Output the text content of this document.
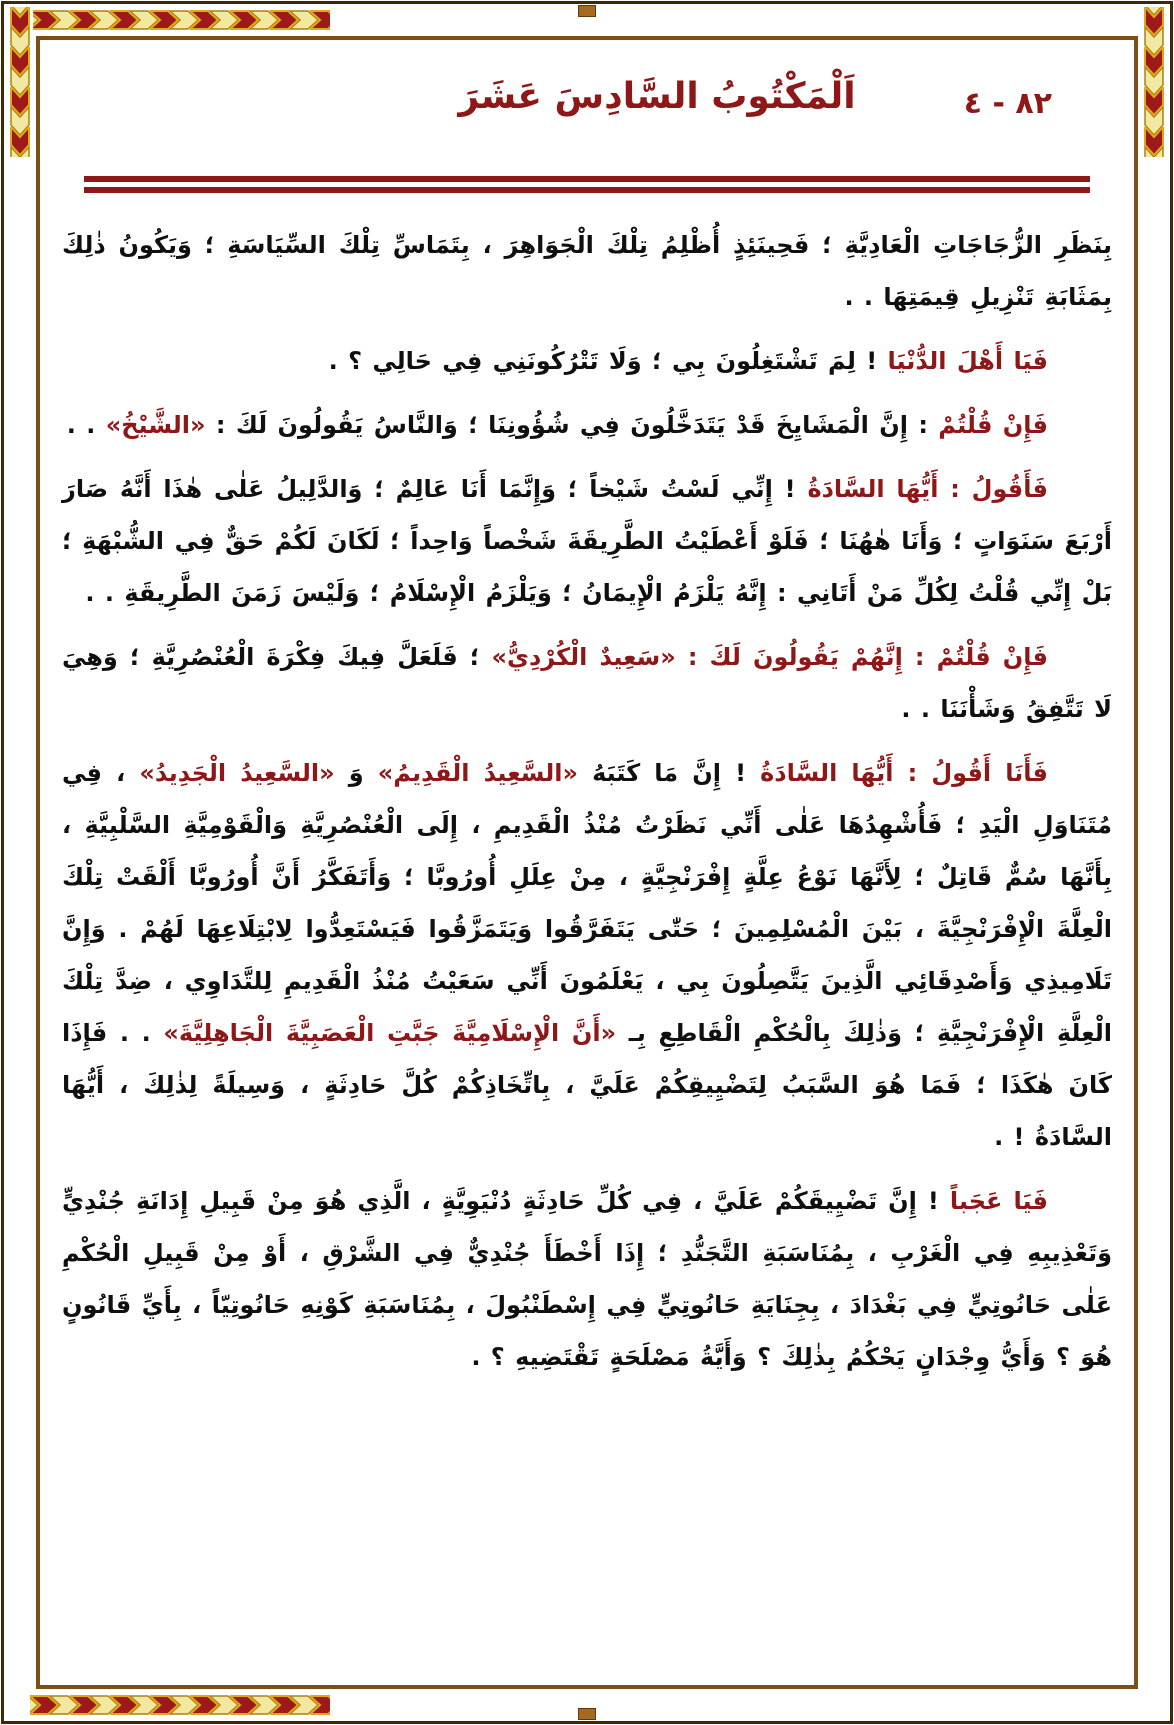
٨٢ - ٤
اَلْمَكْتُوبُ السَّادِسَ عَشَرَ

بِنَظَرِ الزُّجَاجَاتِ الْعَادِيَّةِ ؛ فَحِينَئِذٍ أُظْلِمُ تِلْكَ الْجَوَاهِرَ ، بِتَمَاسِّ تِلْكَ السِّيَاسَةِ ؛ وَيَكُونُ ذٰلِكَ بِمَثَابَةِ تَنْزِيلِ قِيمَتِهَا . .

فَيَا أَهْلَ الدُّنْيَا ! لِمَ تَشْتَغِلُونَ بِي ؛ وَلَا تَتْرُكُونَنِي فِي حَالِي ؟ .

فَإِنْ قُلْتُمْ : إِنَّ الْمَشَايِخَ قَدْ يَتَدَخَّلُونَ فِي شُؤُونِنَا ؛ وَالنَّاسُ يَقُولُونَ لَكَ : «الشَّيْخُ» . .

فَأَقُولُ : أَيُّهَا السَّادَةُ ! إِنِّي لَسْتُ شَيْخاً ؛ وَإِنَّمَا أَنَا عَالِمٌ ؛ وَالدَّلِيلُ عَلٰى هٰذَا أَنَّهُ صَارَ أَرْبَعَ سَنَوَاتٍ ؛ وَأَنَا هٰهُنَا ؛ فَلَوْ أَعْطَيْتُ الطَّرِيقَةَ شَخْصاً وَاحِداً ؛ لَكَانَ لَكُمْ حَقٌّ فِي الشُّبْهَةِ ؛ بَلْ إِنِّي قُلْتُ لِكُلِّ مَنْ أَتَانِي : إِنَّهُ يَلْزَمُ الْإِيمَانُ ؛ وَيَلْزَمُ الْإِسْلَامُ ؛ وَلَيْسَ زَمَنَ الطَّرِيقَةِ . .

فَإِنْ قُلْتُمْ : إِنَّهُمْ يَقُولُونَ لَكَ : «سَعِيدٌ الْكُرْدِيُّ» ؛ فَلَعَلَّ فِيكَ فِكْرَةَ الْعُنْصُرِيَّةِ ؛ وَهِيَ لَا تَتَّفِقُ وَشَأْنَنَا . .

فَأَنَا أَقُولُ : أَيُّهَا السَّادَةُ ! إِنَّ مَا كَتَبَهُ «السَّعِيدُ الْقَدِيمُ» وَ «السَّعِيدُ الْجَدِيدُ» ، فِي مُتَنَاوَلِ الْيَدِ ؛ فَأُشْهِدُهَا عَلٰى أَنِّي نَظَرْتُ مُنْذُ الْقَدِيمِ ، إِلَى الْعُنْصُرِيَّةِ وَالْقَوْمِيَّةِ السَّلْبِيَّةِ ، بِأَنَّهَا سُمٌّ قَاتِلٌ ؛ لِأَنَّهَا نَوْعُ عِلَّةٍ إِفْرَنْجِيَّةٍ ، مِنْ عِلَلِ أُورُوبَّا ؛ وَأَتَفَكَّرُ أَنَّ أُورُوبَّا أَلْقَتْ تِلْكَ الْعِلَّةَ الْإِفْرَنْجِيَّةَ ، بَيْنَ الْمُسْلِمِينَ ؛ حَتّٰى يَتَفَرَّقُوا وَيَتَمَزَّقُوا فَيَسْتَعِدُّوا لِابْتِلَاعِهَا لَهُمْ . وَإِنَّ تَلَامِيذِي وَأَصْدِقَائِي الَّذِينَ يَتَّصِلُونَ بِي ، يَعْلَمُونَ أَنِّي سَعَيْتُ مُنْذُ الْقَدِيمِ لِلتَّدَاوِي ، ضِدَّ تِلْكَ الْعِلَّةِ الْإِفْرَنْجِيَّةِ ؛ وَذٰلِكَ بِالْحُكْمِ الْقَاطِعِ بِـ «أَنَّ الْإِسْلَامِيَّةَ جَبَّتِ الْعَصَبِيَّةَ الْجَاهِلِيَّةَ» . . فَإِذَا كَانَ هٰكَذَا ؛ فَمَا هُوَ السَّبَبُ لِتَضْيِيقِكُمْ عَلَيَّ ، بِاتِّخَاذِكُمْ كُلَّ حَادِثَةٍ ، وَسِيلَةً لِذٰلِكَ ، أَيُّهَا السَّادَةُ ! .

فَيَا عَجَباً ! إِنَّ تَضْيِيقَكُمْ عَلَيَّ ، فِي كُلِّ حَادِثَةٍ دُنْيَوِيَّةٍ ، الَّذِي هُوَ مِنْ قَبِيلِ إِدَانَةِ جُنْدِيٍّ وَتَعْذِيبِهِ فِي الْغَرْبِ ، بِمُنَاسَبَةِ التَّجَنُّدِ ؛ إِذَا أَخْطَأَ جُنْدِيٌّ فِي الشَّرْقِ ، أَوْ مِنْ قَبِيلِ الْحُكْمِ عَلٰى حَانُوتِيٍّ فِي بَغْدَادَ ، بِجِنَايَةِ حَانُوتِيٍّ فِي إِسْطَنْبُولَ ، بِمُنَاسَبَةِ كَوْنِهِ حَانُوتِيّاً ، بِأَيِّ قَانُونٍ هُوَ ؟ وَأَيُّ وِجْدَانٍ يَحْكُمُ بِذٰلِكَ ؟ وَأَيَّةُ مَصْلَحَةٍ تَقْتَضِيهِ ؟ .
